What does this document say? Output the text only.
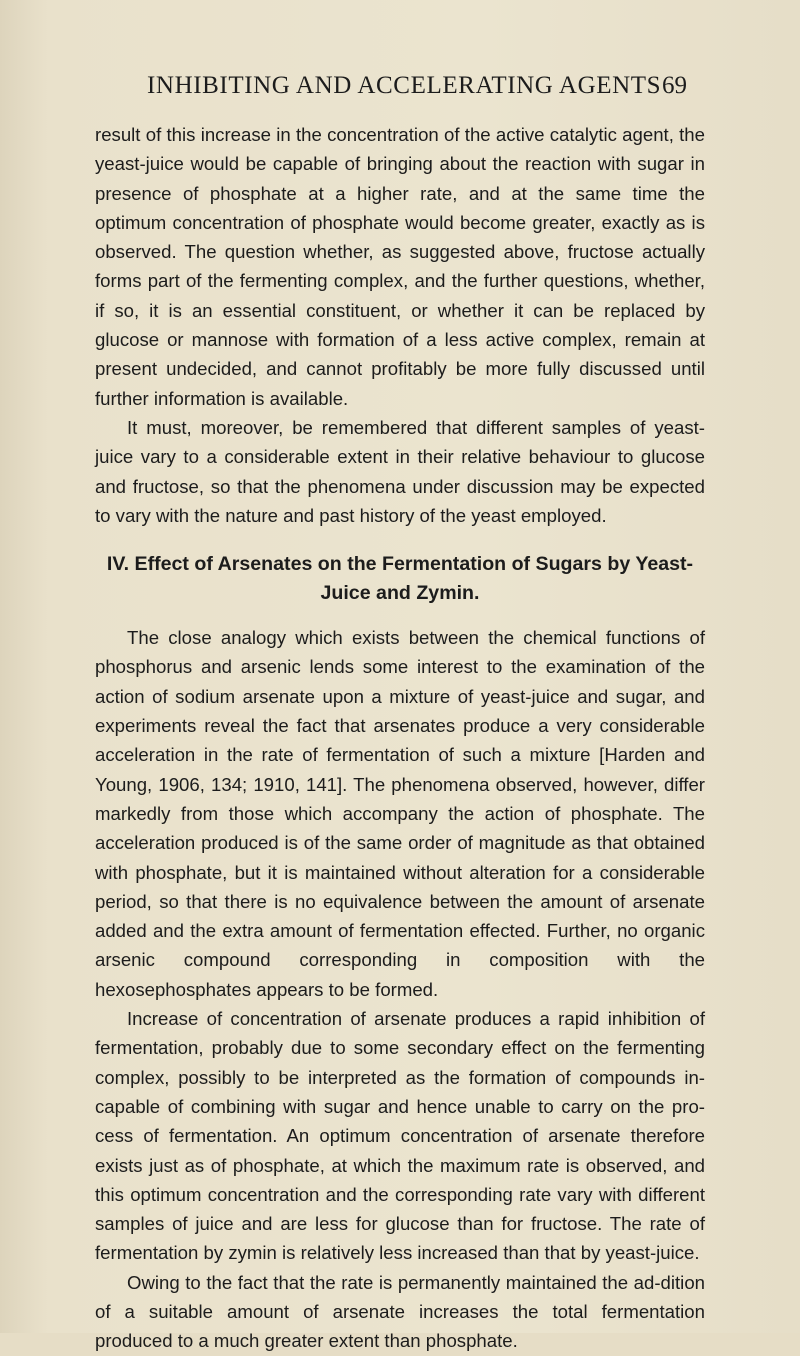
INHIBITING AND ACCELERATING AGENTS 69

result of this increase in the concentration of the active catalytic agent, the yeast-juice would be capable of bringing about the reaction with sugar in presence of phosphate at a higher rate, and at the same time the optimum concentration of phosphate would become greater, exactly as is observed. The question whether, as suggested above, fructose actually forms part of the fermenting complex, and the further questions, whether, if so, it is an essential constituent, or whether it can be replaced by glucose or mannose with formation of a less active complex, remain at present undecided, and cannot profitably be more fully discussed until further information is available.

It must, moreover, be remembered that different samples of yeast-juice vary to a considerable extent in their relative behaviour to glucose and fructose, so that the phenomena under discussion may be expected to vary with the nature and past history of the yeast employed.

IV. Effect of Arsenates on the Fermentation of Sugars by Yeast-Juice and Zymin.

The close analogy which exists between the chemical functions of phosphorus and arsenic lends some interest to the examination of the action of sodium arsenate upon a mixture of yeast-juice and sugar, and experiments reveal the fact that arsenates produce a very considerable acceleration in the rate of fermentation of such a mixture [Harden and Young, 1906, 134; 1910, 141]. The phenomena observed, however, differ markedly from those which accompany the action of phosphate. The acceleration produced is of the same order of magnitude as that obtained with phosphate, but it is maintained without alteration for a considerable period, so that there is no equivalence between the amount of arsenate added and the extra amount of fermentation effected. Further, no organic arsenic compound corresponding in composition with the hexosephosphates appears to be formed.

Increase of concentration of arsenate produces a rapid inhibition of fermentation, probably due to some secondary effect on the fermenting complex, possibly to be interpreted as the formation of compounds in-capable of combining with sugar and hence unable to carry on the pro-cess of fermentation. An optimum concentration of arsenate therefore exists just as of phosphate, at which the maximum rate is observed, and this optimum concentration and the corresponding rate vary with different samples of juice and are less for glucose than for fructose. The rate of fermentation by zymin is relatively less increased than that by yeast-juice.

Owing to the fact that the rate is permanently maintained the ad-dition of a suitable amount of arsenate increases the total fermentation produced to a much greater extent than phosphate.
